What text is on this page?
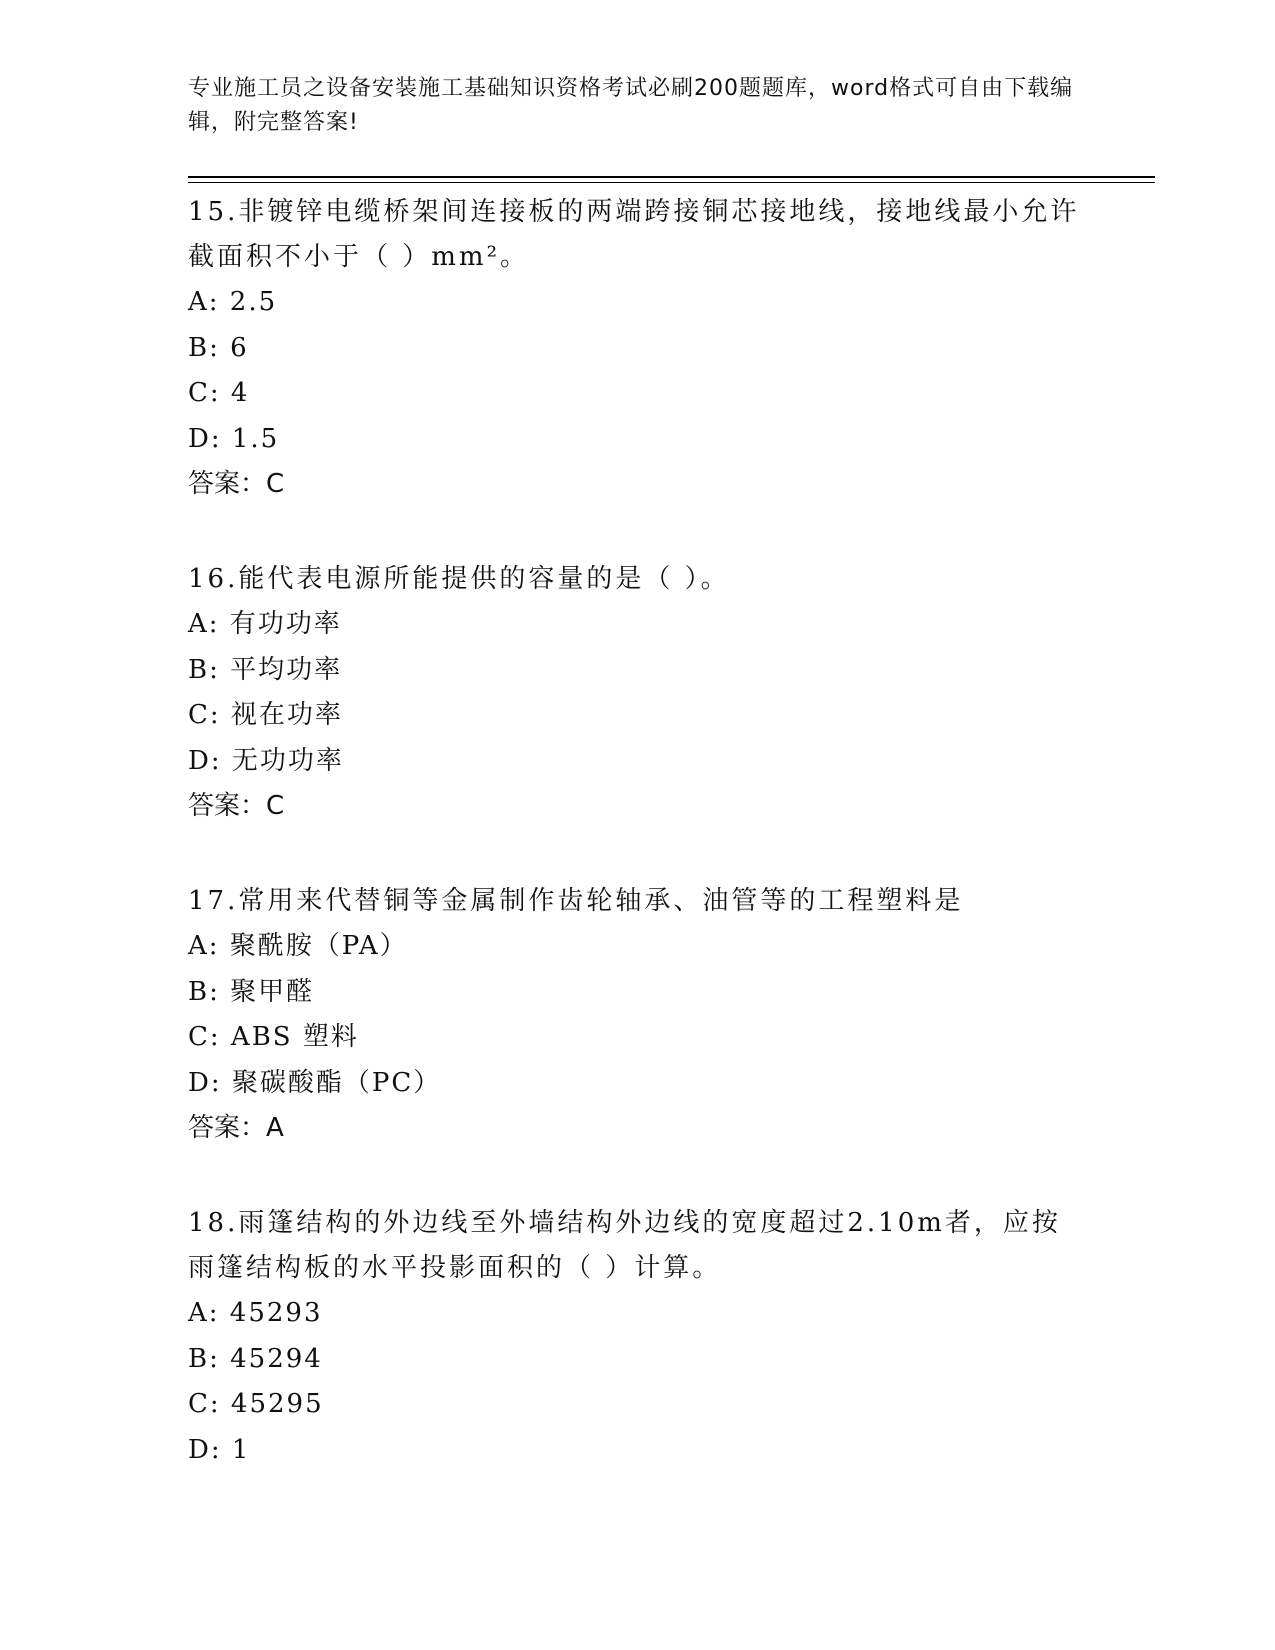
专业施工员之设备安装施工基础知识资格考试必刷200题题库，word格式可自由下载编辑，附完整答案!

15.非镀锌电缆桥架间连接板的两端跨接铜芯接地线，接地线最小允许截面积不小于（ ）mm²。

A: 2.5

B: 6

C: 4

D: 1.5

答案：C

16.能代表电源所能提供的容量的是（ ）。

A: 有功功率

B: 平均功率

C: 视在功率

D: 无功功率

答案：C

17.常用来代替铜等金属制作齿轮轴承、油管等的工程塑料是

A: 聚酰胺（PA）

B: 聚甲醛

C: ABS 塑料

D: 聚碳酸酯（PC）

答案：A

18.雨篷结构的外边线至外墙结构外边线的宽度超过2.10m者，应按雨篷结构板的水平投影面积的（ ）计算。

A: 45293

B: 45294

C: 45295

D: 1
